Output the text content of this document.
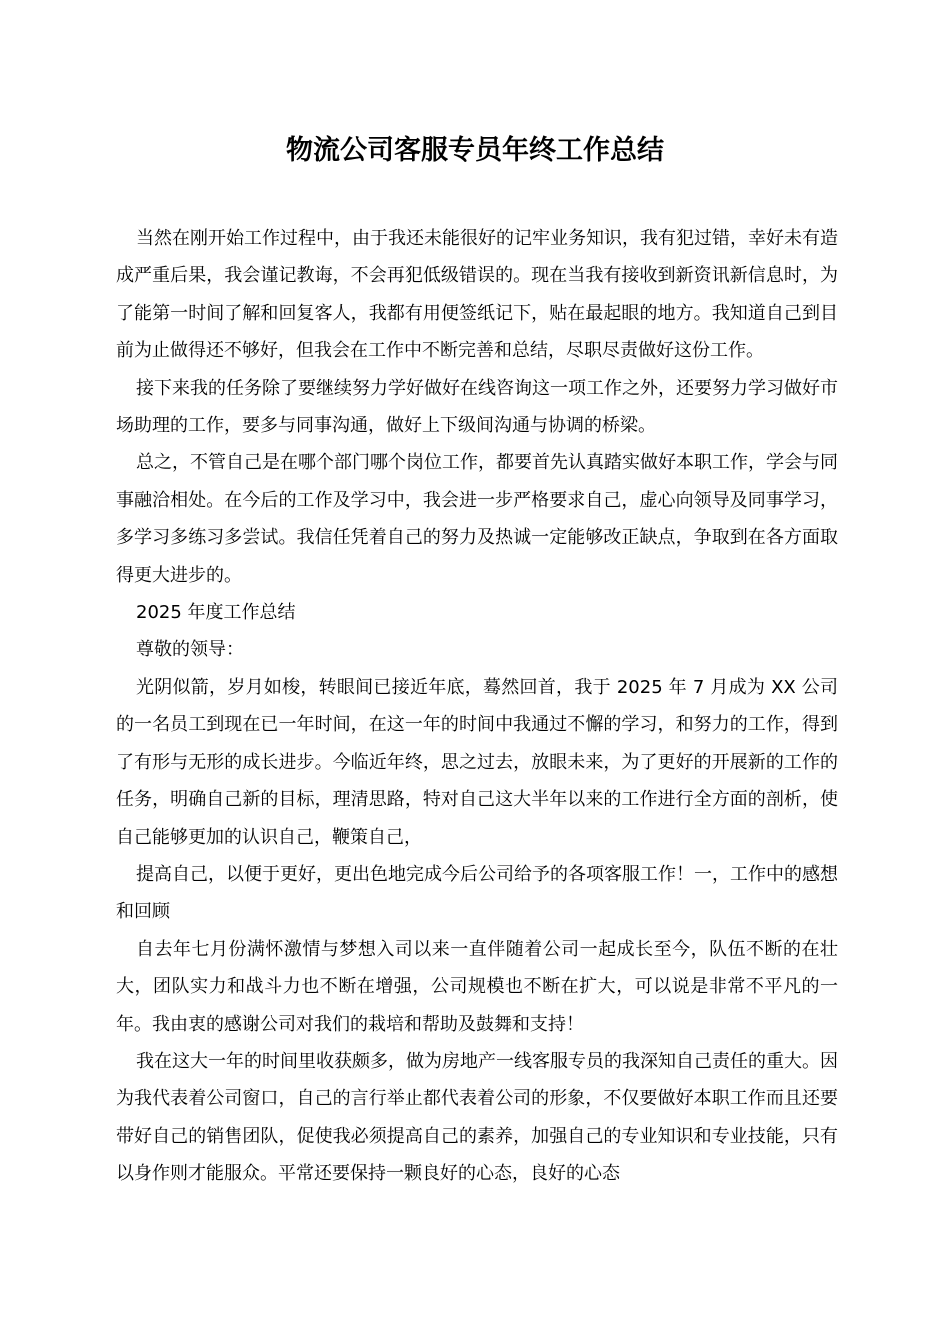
物流公司客服专员年终工作总结

当然在刚开始工作过程中，由于我还未能很好的记牢业务知识，我有犯过错，幸好未有造成严重后果，我会谨记教诲，不会再犯低级错误的。现在当我有接收到新资讯新信息时，为了能第一时间了解和回复客人，我都有用便签纸记下，贴在最起眼的地方。我知道自己到目前为止做得还不够好，但我会在工作中不断完善和总结，尽职尽责做好这份工作。

接下来我的任务除了要继续努力学好做好在线咨询这一项工作之外，还要努力学习做好市场助理的工作，要多与同事沟通，做好上下级间沟通与协调的桥梁。

总之，不管自己是在哪个部门哪个岗位工作，都要首先认真踏实做好本职工作，学会与同事融洽相处。在今后的工作及学习中，我会进一步严格要求自己，虚心向领导及同事学习，多学习多练习多尝试。我信任凭着自己的努力及热诚一定能够改正缺点，争取到在各方面取得更大进步的。

2025 年度工作总结

尊敬的领导：

光阴似箭，岁月如梭，转眼间已接近年底，蓦然回首，我于 2025 年 7 月成为 XX 公司的一名员工到现在已一年时间，在这一年的时间中我通过不懈的学习，和努力的工作，得到了有形与无形的成长进步。今临近年终，思之过去，放眼未来，为了更好的开展新的工作的任务，明确自己新的目标，理清思路，特对自己这大半年以来的工作进行全方面的剖析，使自己能够更加的认识自己，鞭策自己，

提高自己，以便于更好，更出色地完成今后公司给予的各项客服工作！一，工作中的感想和回顾

自去年七月份满怀激情与梦想入司以来一直伴随着公司一起成长至今，队伍不断的在壮大，团队实力和战斗力也不断在增强，公司规模也不断在扩大，可以说是非常不平凡的一年。我由衷的感谢公司对我们的栽培和帮助及鼓舞和支持！

我在这大一年的时间里收获颇多，做为房地产一线客服专员的我深知自己责任的重大。因为我代表着公司窗口，自己的言行举止都代表着公司的形象，不仅要做好本职工作而且还要带好自己的销售团队，促使我必须提高自己的素养，加强自己的专业知识和专业技能，只有以身作则才能服众。平常还要保持一颗良好的心态，良好的心态
